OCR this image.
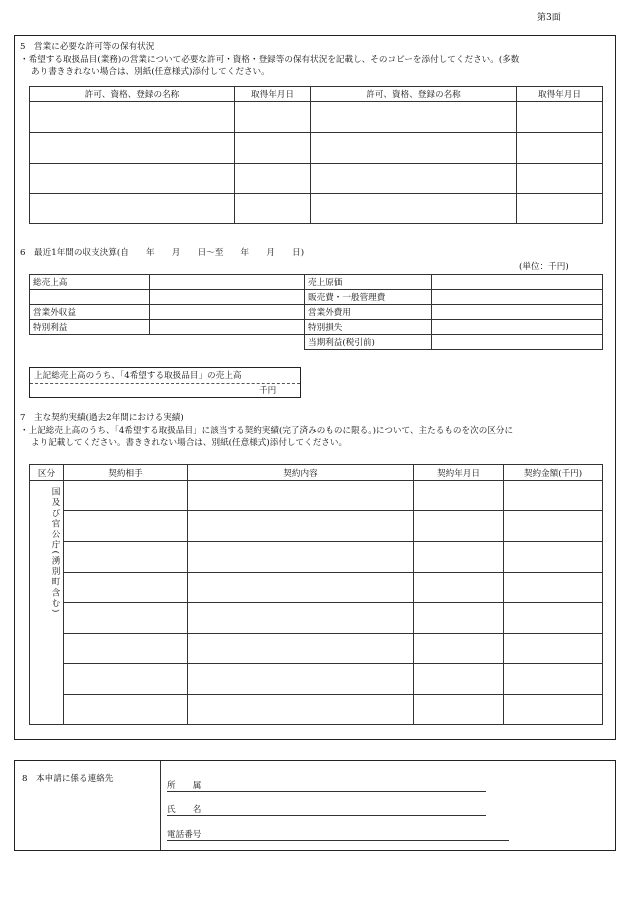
第3面
5　営業に必要な許可等の保有状況
・希望する取扱品目(業務)の営業について必要な許可・資格・登録等の保有状況を記載し、そのコピーを添付してください。(多数
あり書ききれない場合は、別紙(任意様式)添付してください。
許可、資格、登録の名称	取得年月日	許可、資格、登録の名称	取得年月日

6　最近1年間の収支決算(自　　年　　月　　日～至　　年　　月　　日)
(単位：千円)
総売上高		売上原価	
		販売費・一般管理費	
営業外収益		営業外費用	
特別利益		特別損失	
		当期利益(税引前)	
上記総売上高のうち、「4希望する取扱品目」の売上高
千円
7　主な契約実績(過去2年間における実績)
・上記総売上高のうち、「4希望する取扱品目」に該当する契約実績(完了済みのものに限る。)について、主たるものを次の区分に
より記載してください。書ききれない場合は、別紙(任意様式)添付してください。
区分	契約相手	契約内容	契約年月日	契約金額(千円)
国及び官公庁(湧別町含む)				

8　本申請に係る連絡先
所　　属
氏　　名
電話番号
